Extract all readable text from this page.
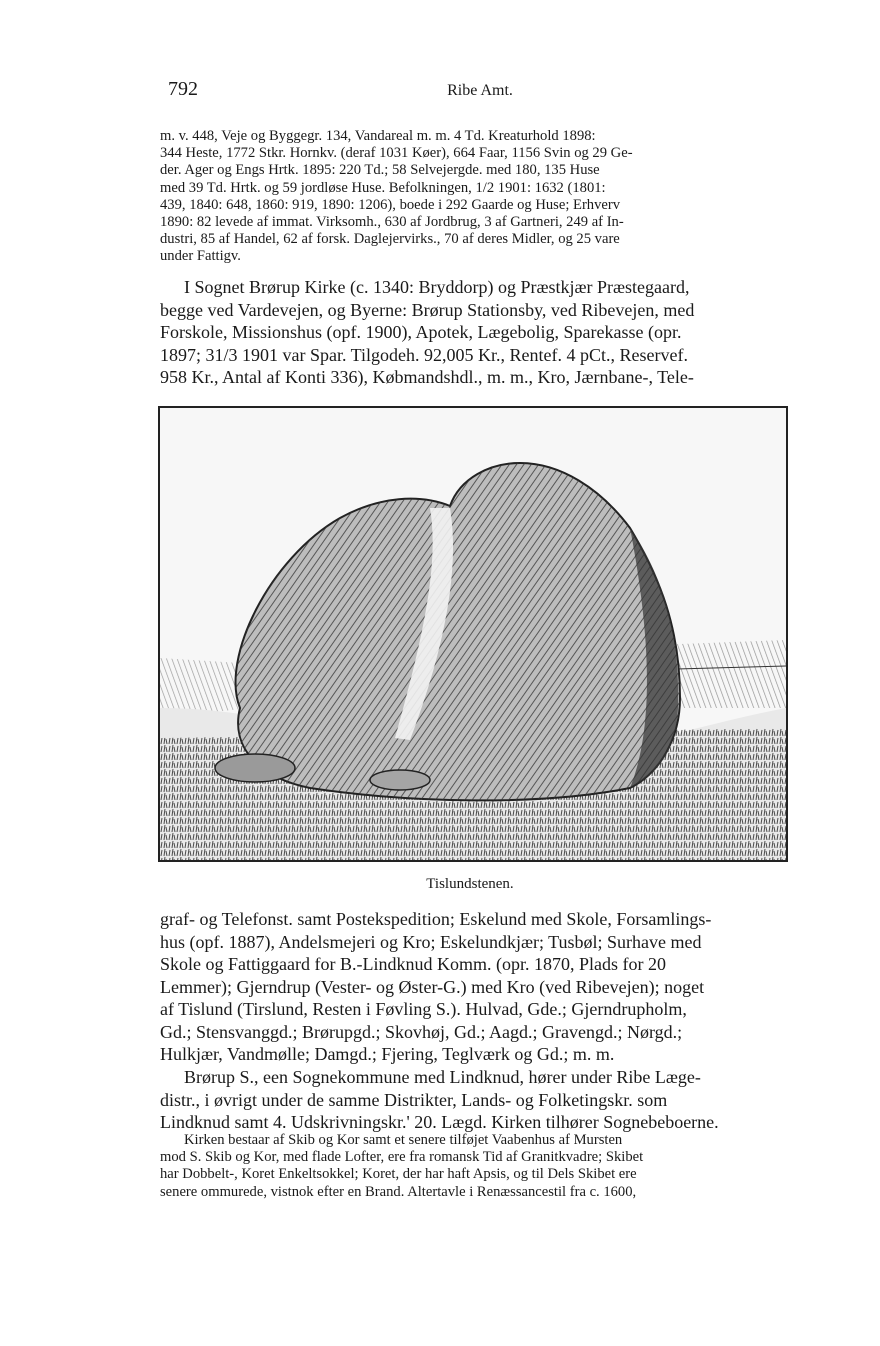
792	Ribe Amt.
m. v. 448, Veje og Byggegr. 134, Vandareal m. m. 4 Td. Kreaturhold 1898:
344 Heste, 1772 Stkr. Hornkv. (deraf 1031 Køer), 664 Faar, 1156 Svin og 29 Ge-
der. Ager og Engs Hrtk. 1895: 220 Td.; 58 Selvejergde. med 180, 135 Huse
med 39 Td. Hrtk. og 59 jordløse Huse. Befolkningen, 1/2 1901: 1632 (1801:
439, 1840: 648, 1860: 919, 1890: 1206), boede i 292 Gaarde og Huse; Erhverv
1890: 82 levede af immat. Virksomh., 630 af Jordbrug, 3 af Gartneri, 249 af In-
dustri, 85 af Handel, 62 af forsk. Daglejervirks., 70 af deres Midler, og 25 vare
under Fattigv.
I Sognet Brørup Kirke (c. 1340: Bryddorp) og Præstkjær Præstegaard,
begge ved Vardevejen, og Byerne: Brørup Stationsby, ved Ribevejen, med
Forskole, Missionshus (opf. 1900), Apotek, Lægebolig, Sparekasse (opr.
1897; 31/3 1901 var Spar. Tilgodeh. 92,005 Kr., Rentef. 4 pCt., Reservef.
958 Kr., Antal af Konti 336), Købmandshdl., m. m., Kro, Jærnbane-, Tele-
Tislundstenen.
graf- og Telefonst. samt Postekspedition; Eskelund med Skole, Forsamlings-
hus (opf. 1887), Andelsmejeri og Kro; Eskelundkjær; Tusbøl; Surhave med
Skole og Fattiggaard for B.-Lindknud Komm. (opr. 1870, Plads for 20
Lemmer); Gjerndrup (Vester- og Øster-G.) med Kro (ved Ribevejen); noget
af Tislund (Tirslund, Resten i Føvling S.). Hulvad, Gde.; Gjerndrupholm,
Gd.; Stensvanggd.; Brørupgd.; Skovhøj, Gd.; Aagd.; Gravengd.; Nørgd.;
Hulkjær, Vandmølle; Damgd.; Fjering, Teglværk og Gd.; m. m.
Brørup S., een Sognekommune med Lindknud, hører under Ribe Læge-
distr., i øvrigt under de samme Distrikter, Lands- og Folketingskr. som
Lindknud samt 4. Udskrivningskr.' 20. Lægd. Kirken tilhører Sognebeboerne.
Kirken bestaar af Skib og Kor samt et senere tilføjet Vaabenhus af Mursten
mod S. Skib og Kor, med flade Lofter, ere fra romansk Tid af Granitkvadre; Skibet
har Dobbelt-, Koret Enkeltsokkel; Koret, der har haft Apsis, og til Dels Skibet ere
senere ommurede, vistnok efter en Brand. Altertavle i Renæssancestil fra c. 1600,
